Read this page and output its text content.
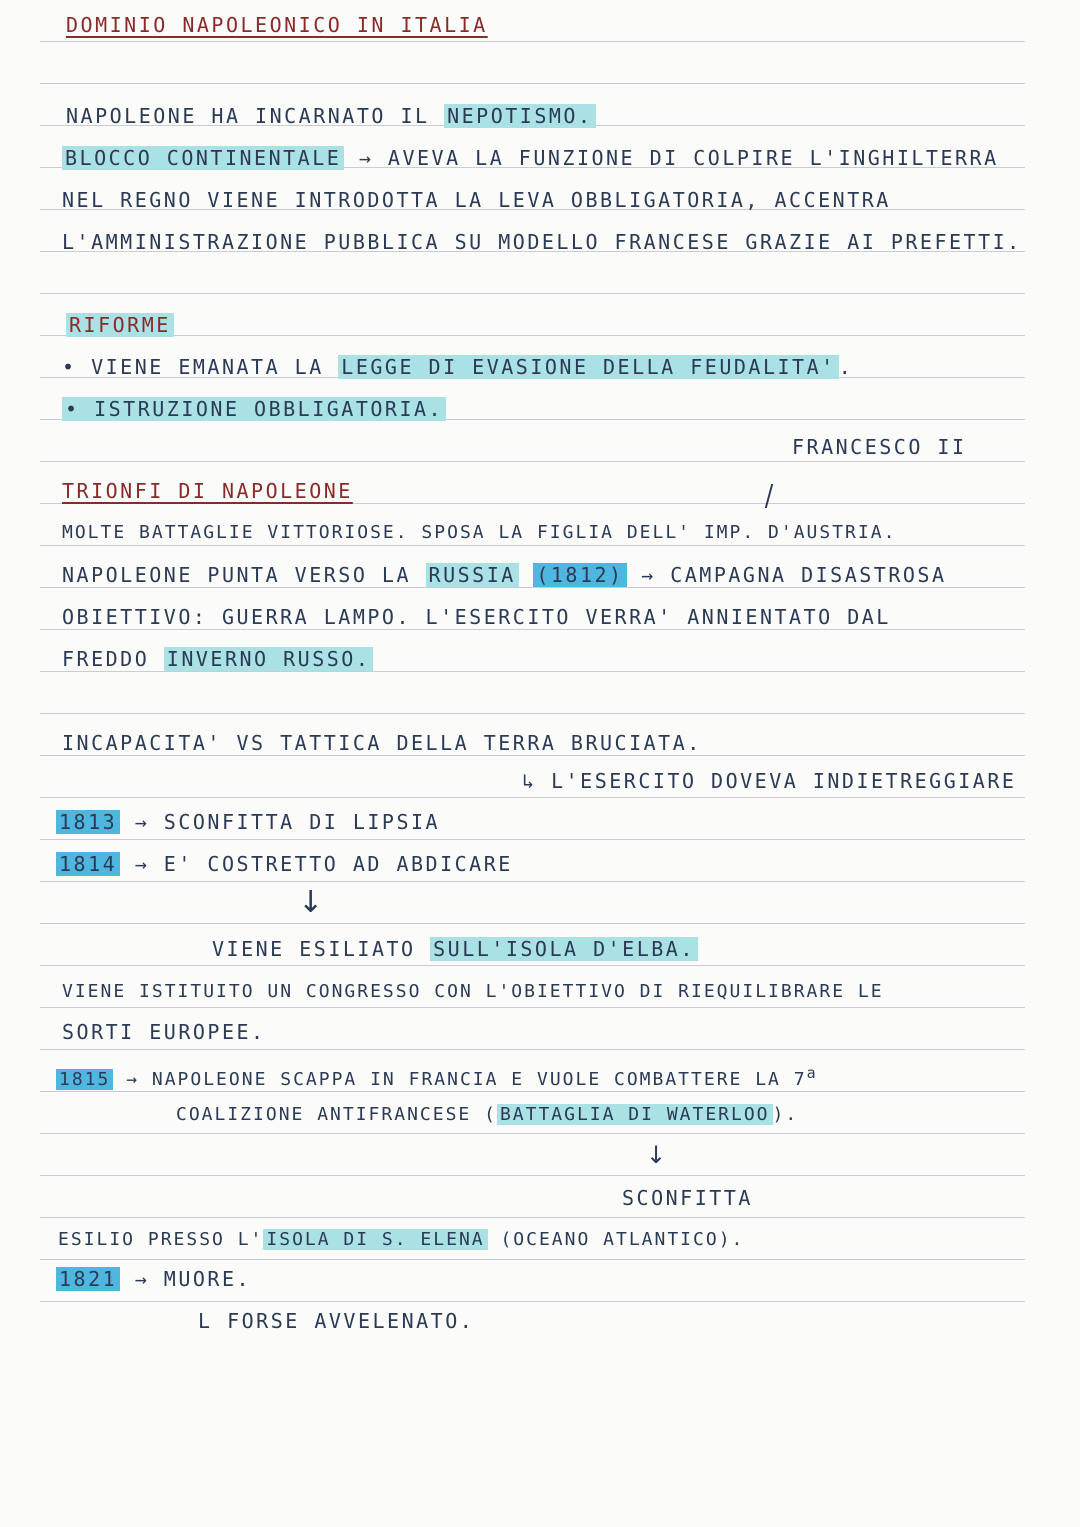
DOMINIO NAPOLEONICO IN ITALIA
NAPOLEONE HA INCARNATO IL NEPOTISMO.
BLOCCO CONTINENTALE → AVEVA LA FUNZIONE DI COLPIRE L'INGHILTERRA
NEL REGNO VIENE INTRODOTTA LA LEVA OBBLIGATORIA, ACCENTRA
L'AMMINISTRAZIONE PUBBLICA SU MODELLO FRANCESE GRAZIE AI PREFETTI.
RIFORME
• VIENE EMANATA LA LEGGE DI EVASIONE DELLA FEUDALITA' .
• ISTRUZIONE OBBLIGATORIA.
FRANCESCO II
TRIONFI DI NAPOLEONE
MOLTE BATTAGLIE VITTORIOSE. SPOSA LA FIGLIA DELL' IMP. D'AUSTRIA.
NAPOLEONE PUNTA VERSO LA RUSSIA (1812) → CAMPAGNA DISASTROSA
OBIETTIVO: GUERRA LAMPO. L'ESERCITO VERRA' ANNIENTATO DAL
FREDDO INVERNO RUSSO.
INCAPACITA' VS TATTICA DELLA TERRA BRUCIATA.
↳ L'ESERCITO DOVEVA INDIETREGGIARE
1813 → SCONFITTA DI LIPSIA
1814 → E' COSTRETTO AD ABDICARE
↓
VIENE ESILIATO SULL'ISOLA D'ELBA.
VIENE ISTITUITO UN CONGRESSO CON L'OBIETTIVO DI RIEQUILIBRARE LE
SORTI EUROPEE.
1815 → NAPOLEONE SCAPPA IN FRANCIA E VUOLE COMBATTERE LA 7$^a$
COALIZIONE ANTIFRANCESE ( BATTAGLIA DI WATERLOO ).
↓
SCONFITTA
ESILIO PRESSO L' ISOLA DI S. ELENA (OCEANO ATLANTICO).
1821 → MUORE.
L FORSE AVVELENATO.
